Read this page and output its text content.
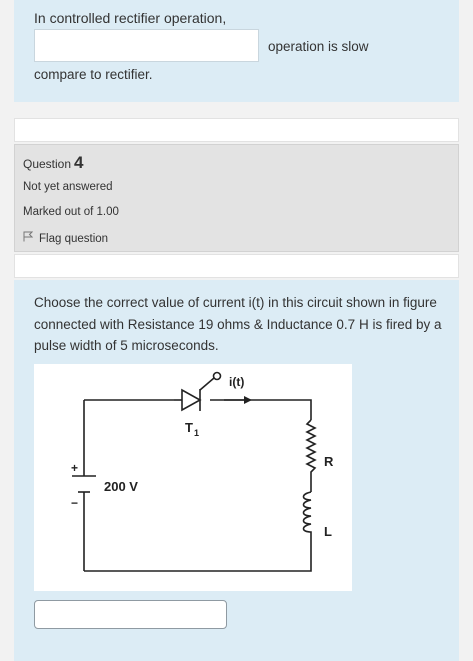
In controlled rectifier operation,
operation is slow
compare to rectifier.
Question 4
Not yet answered
Marked out of 1.00
Flag question
Choose the correct value of current i(t) in this circuit shown in figure connected with Resistance 19 ohms & Inductance 0.7 H is fired by a pulse width of 5 microseconds.
+
−
200 V
T 1
i(t)
R
L
